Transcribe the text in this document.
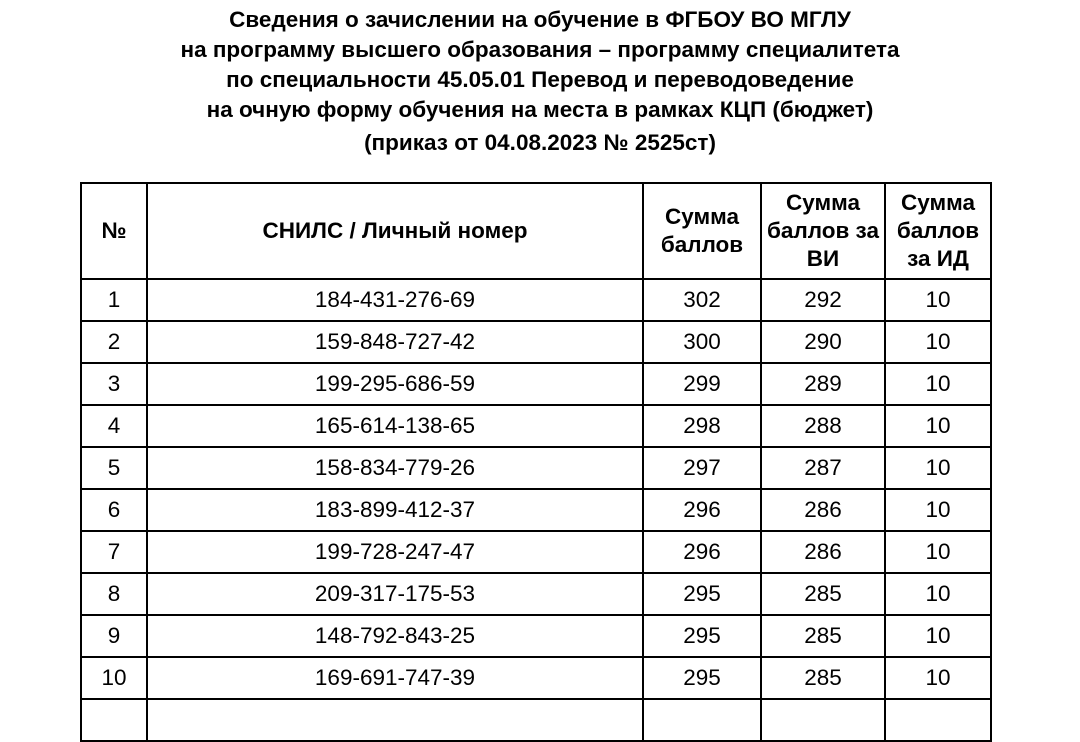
Сведения о зачислении на обучение в ФГБОУ ВО МГЛУ
на программу высшего образования – программу специалитета
по специальности 45.05.01 Перевод и переводоведение
на очную форму обучения на места в рамках КЦП (бюджет)
(приказ от 04.08.2023 № 2525ст)
№	СНИЛС / Личный номер	Сумма баллов	Сумма баллов за ВИ	Сумма баллов за ИД
1	184-431-276-69	302	292	10
2	159-848-727-42	300	290	10
3	199-295-686-59	299	289	10
4	165-614-138-65	298	288	10
5	158-834-779-26	297	287	10
6	183-899-412-37	296	286	10
7	199-728-247-47	296	286	10
8	209-317-175-53	295	285	10
9	148-792-843-25	295	285	10
10	169-691-747-39	295	285	10
